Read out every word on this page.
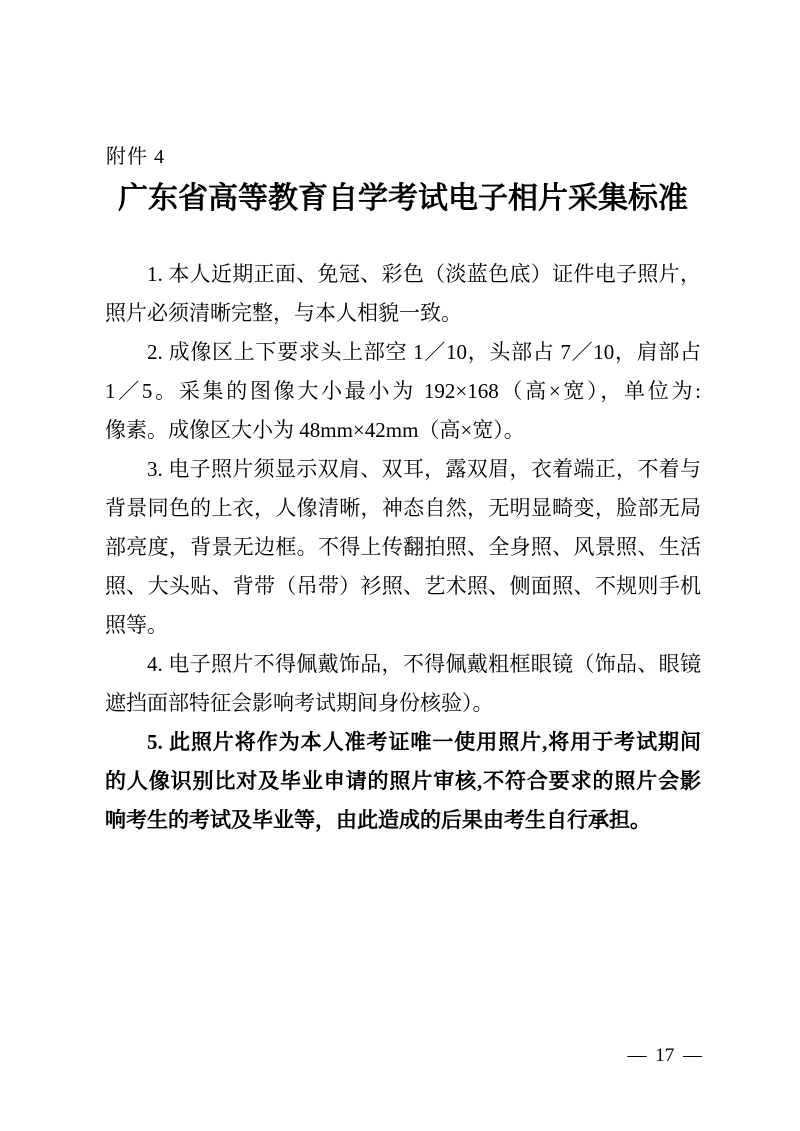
附件 4
广东省高等教育自学考试电子相片采集标准
1. 本人近期正面、免冠、彩色（淡蓝色底）证件电子照片，
照片必须清晰完整，与本人相貌一致。
2. 成像区上下要求头上部空 1／10，头部占 7／10，肩部占
1／5。采集的图像大小最小为 192×168（高×宽），单位为:
像素。成像区大小为 48mm×42mm（高×宽）。
3. 电子照片须显示双肩、双耳，露双眉，衣着端正，不着与
背景同色的上衣，人像清晰，神态自然，无明显畸变，脸部无局
部亮度，背景无边框。不得上传翻拍照、全身照、风景照、生活
照、大头贴、背带（吊带）衫照、艺术照、侧面照、不规则手机
照等。
4. 电子照片不得佩戴饰品，不得佩戴粗框眼镜（饰品、眼镜
遮挡面部特征会影响考试期间身份核验）。
5. 此照片将作为本人准考证唯一使用照片,将用于考试期间
的人像识别比对及毕业申请的照片审核,不符合要求的照片会影
响考生的考试及毕业等，由此造成的后果由考生自行承担。
— 17 —
